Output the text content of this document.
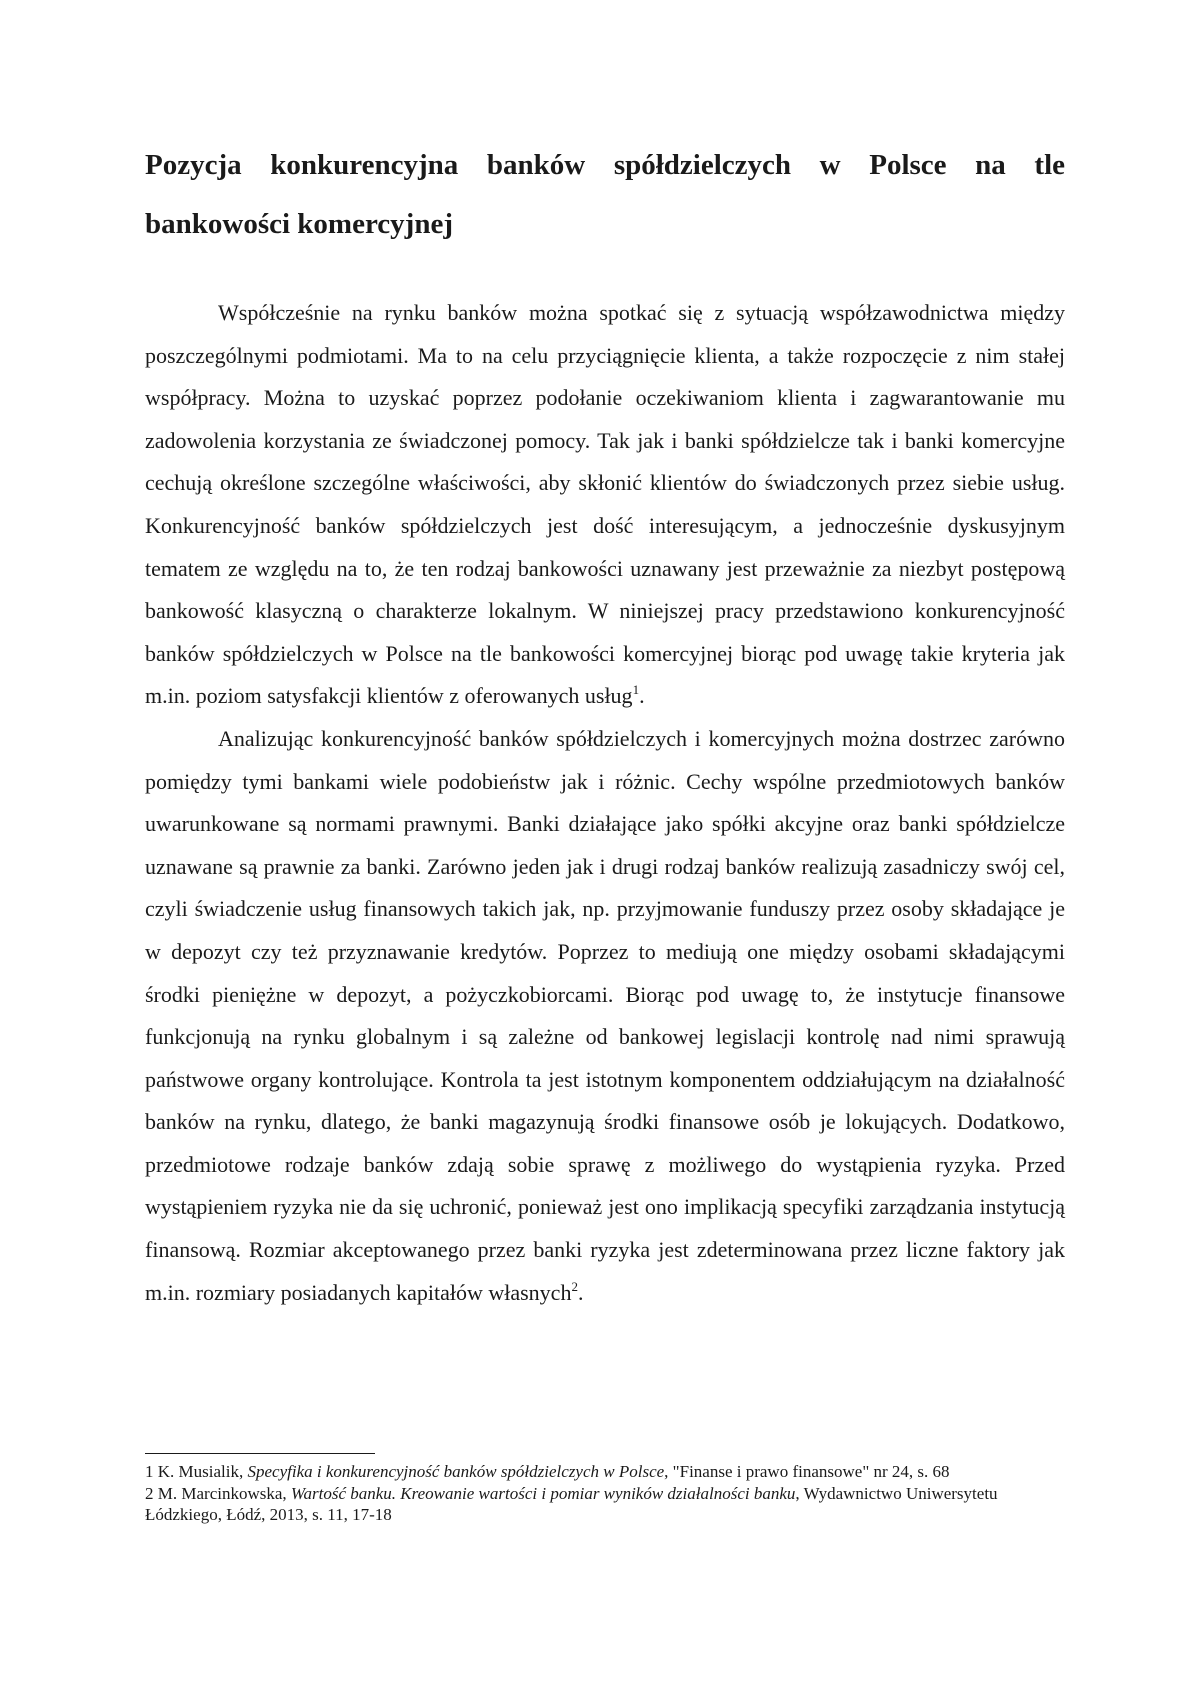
Pozycja konkurencyjna banków spółdzielczych w Polsce na tle bankowości komercyjnej

Współcześnie na rynku banków można spotkać się z sytuacją współzawodnictwa między poszczególnymi podmiotami. Ma to na celu przyciągnięcie klienta, a także rozpoczęcie z nim stałej współpracy. Można to uzyskać poprzez podołanie oczekiwaniom klienta i zagwarantowanie mu zadowolenia korzystania ze świadczonej pomocy. Tak jak i banki spółdzielcze tak i banki komercyjne cechują określone szczególne właściwości, aby skłonić klientów do świadczonych przez siebie usług. Konkurencyjność banków spółdzielczych jest dość interesującym, a jednocześnie dyskusyjnym tematem ze względu na to, że ten rodzaj bankowości uznawany jest przeważnie za niezbyt postępową bankowość klasyczną o charakterze lokalnym. W niniejszej pracy przedstawiono konkurencyjność banków spółdzielczych w Polsce na tle bankowości komercyjnej biorąc pod uwagę takie kryteria jak m.in. poziom satysfakcji klientów z oferowanych usług$^1$.

Analizując konkurencyjność banków spółdzielczych i komercyjnych można dostrzec zarówno pomiędzy tymi bankami wiele podobieństw jak i różnic. Cechy wspólne przedmiotowych banków uwarunkowane są normami prawnymi. Banki działające jako spółki akcyjne oraz banki spółdzielcze uznawane są prawnie za banki. Zarówno jeden jak i drugi rodzaj banków realizują zasadniczy swój cel, czyli świadczenie usług finansowych takich jak, np. przyjmowanie funduszy przez osoby składające je w depozyt czy też przyznawanie kredytów. Poprzez to mediują one między osobami składającymi środki pieniężne w depozyt, a pożyczkobiorcami. Biorąc pod uwagę to, że instytucje finansowe funkcjonują na rynku globalnym i są zależne od bankowej legislacji kontrolę nad nimi sprawują państwowe organy kontrolujące. Kontrola ta jest istotnym komponentem oddziałującym na działalność banków na rynku, dlatego, że banki magazynują środki finansowe osób je lokujących. Dodatkowo, przedmiotowe rodzaje banków zdają sobie sprawę z możliwego do wystąpienia ryzyka. Przed wystąpieniem ryzyka nie da się uchronić, ponieważ jest ono implikacją specyfiki zarządzania instytucją finansową. Rozmiar akceptowanego przez banki ryzyka jest zdeterminowana przez liczne faktory jak m.in. rozmiary posiadanych kapitałów własnych$^2$.

1 K. Musialik, Specyfika i konkurencyjność banków spółdzielczych w Polsce, "Finanse i prawo finansowe" nr 24, s. 68

2 M. Marcinkowska, Wartość banku. Kreowanie wartości i pomiar wyników działalności banku, Wydawnictwo Uniwersytetu Łódzkiego, Łódź, 2013, s. 11, 17-18
